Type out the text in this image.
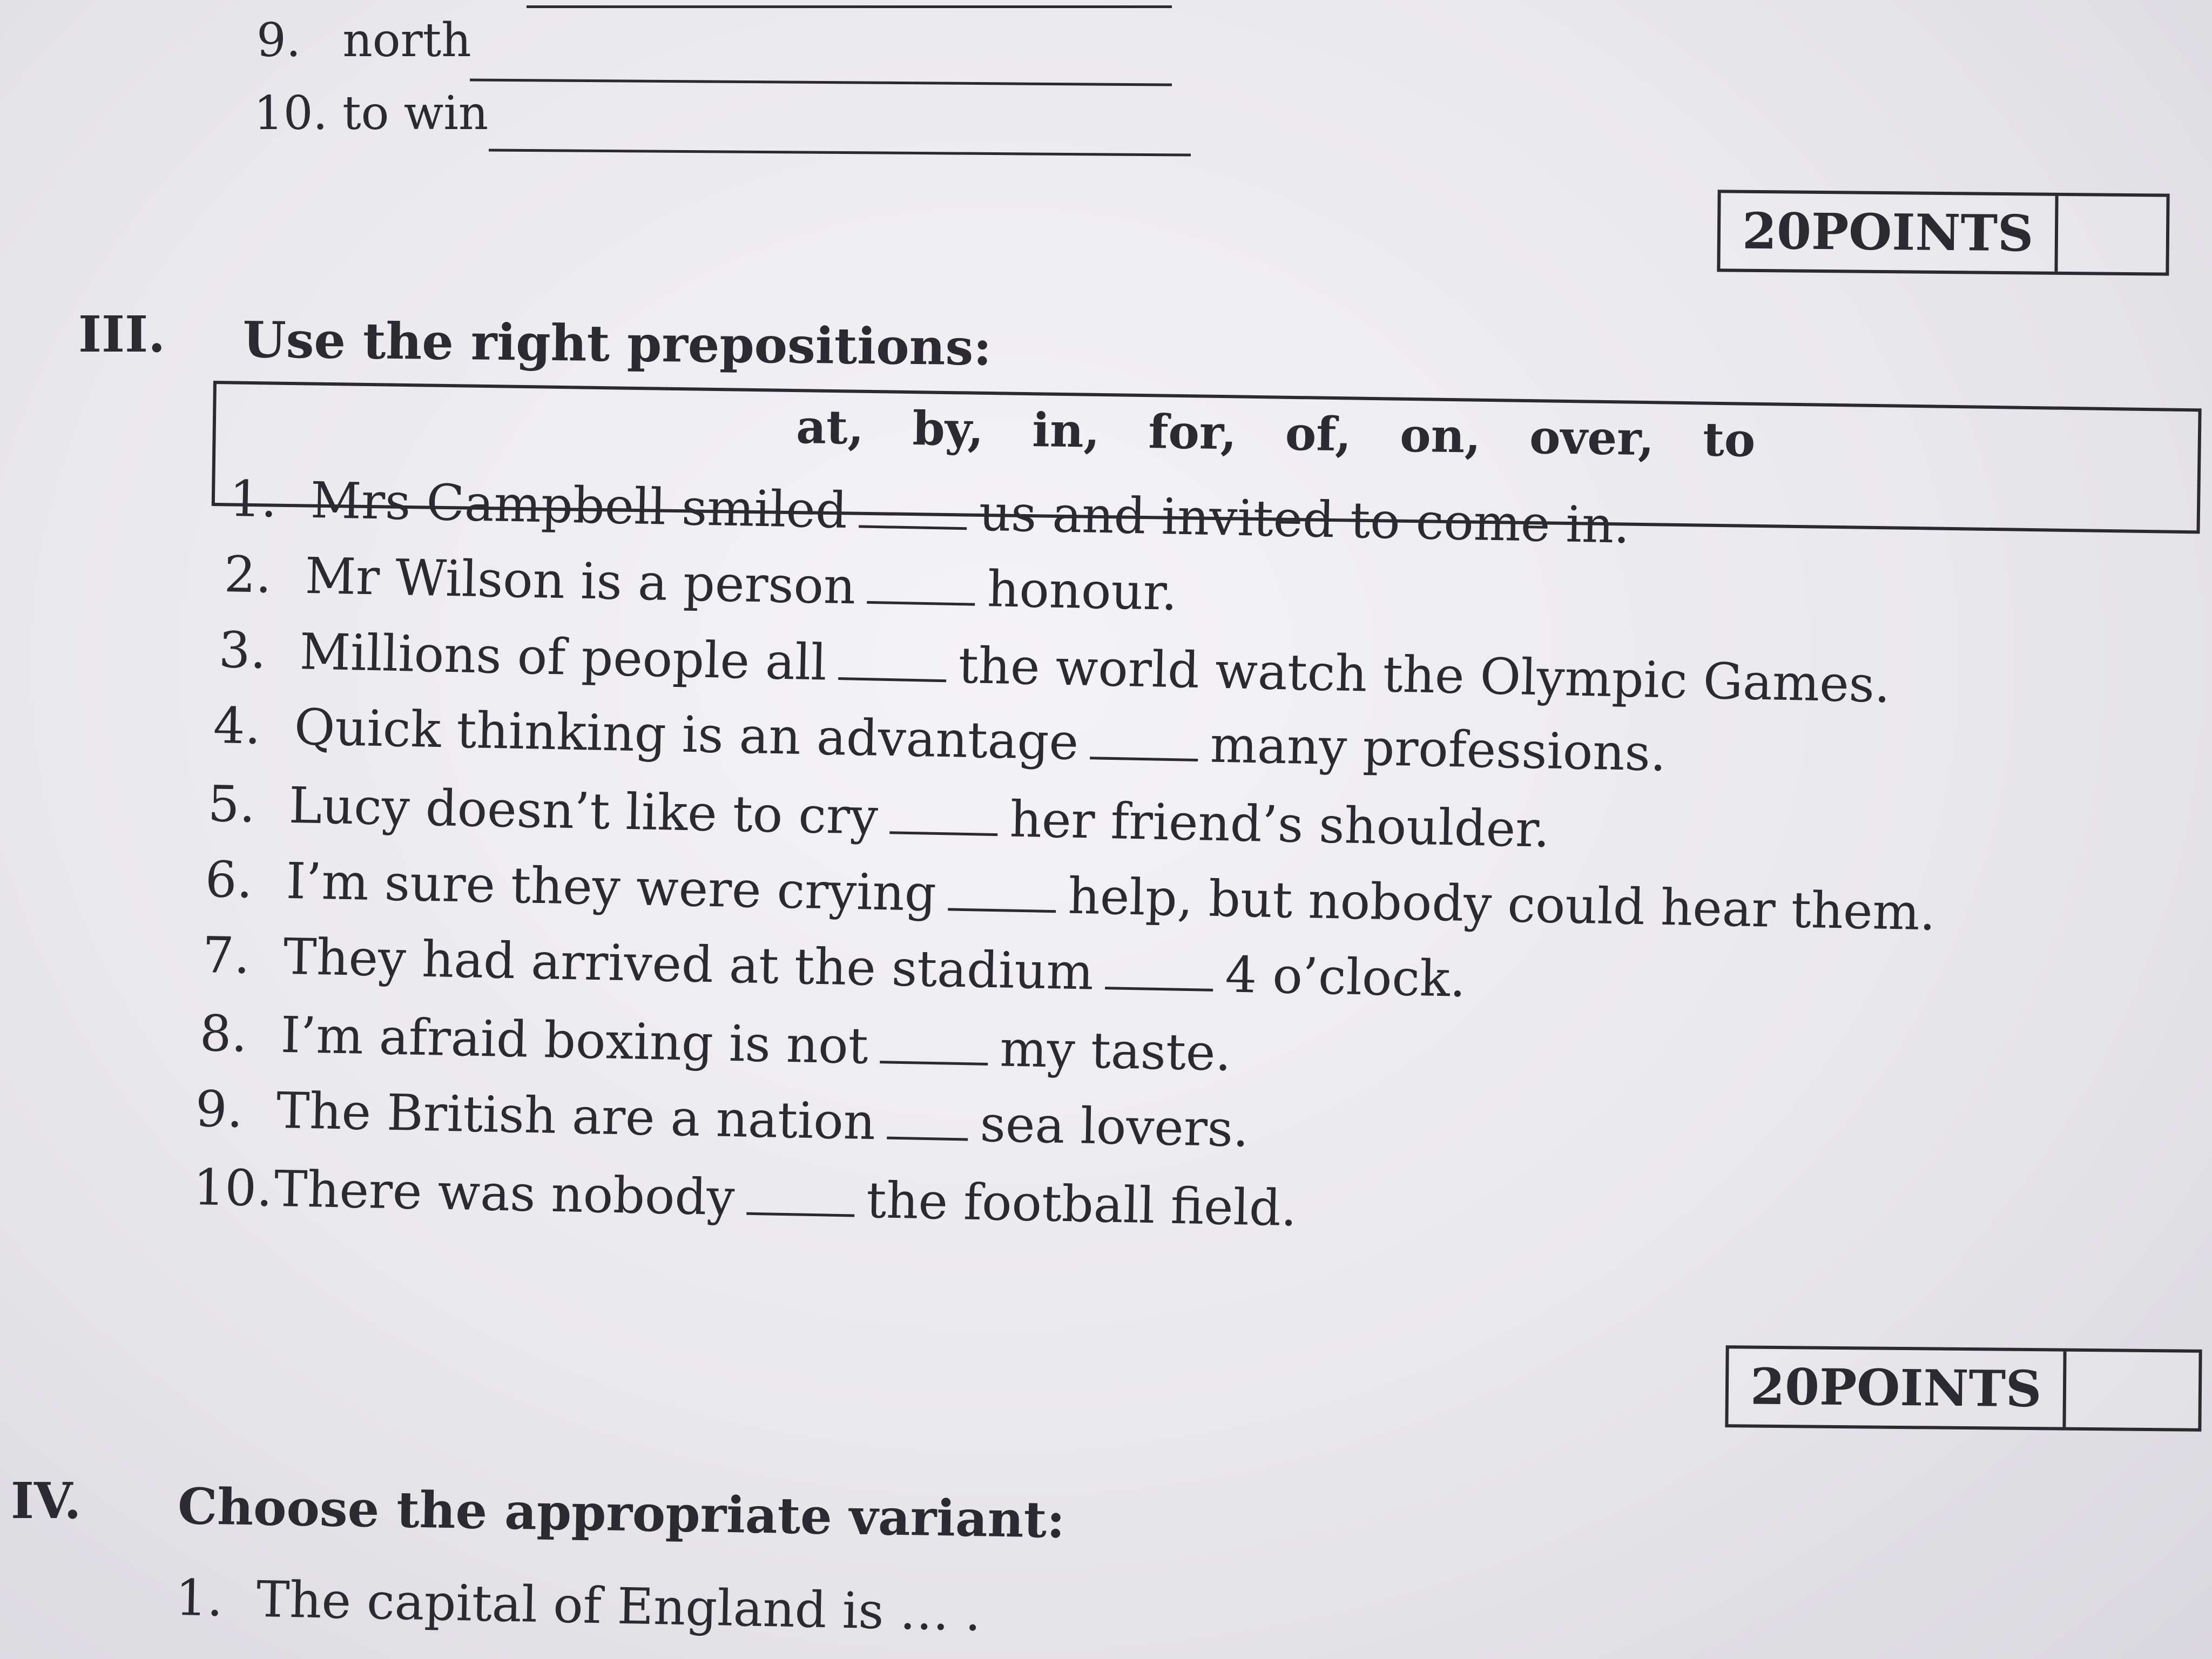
9. north
10. to win
20POINTS
III. Use the right prepositions:
at, by, in, for, of, on, over, to
1. Mrs Campbell smiled	us and invited to come in.
2. Mr Wilson is a person	honour.
3. Millions of people all	the world watch the Olympic Games.
4. Quick thinking is an advantage	many professions.
5. Lucy doesn’t like to cry	her friend’s shoulder.
6. I’m sure they were crying	help, but nobody could hear them.
7. They had arrived at the stadium	4 o’clock.
8. I’m afraid boxing is not	my taste.
9. The British are a nation sea lovers.
10.There was nobody	the football field.
20POINTS
IV. Choose the appropriate variant:
1. The capital of England is … .
